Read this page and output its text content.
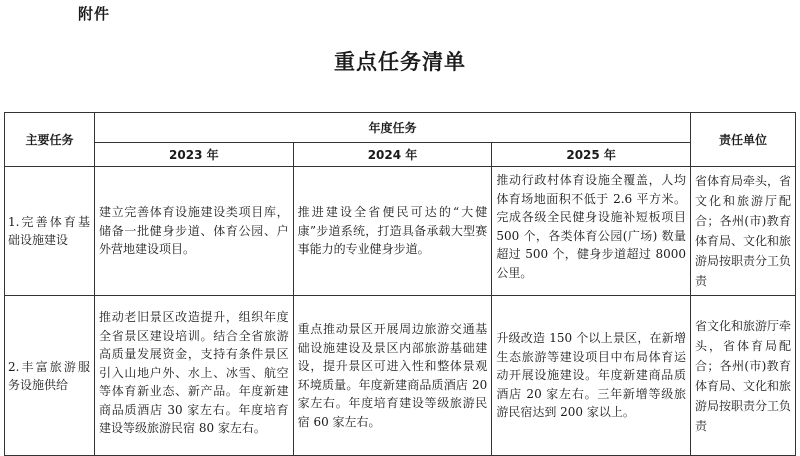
附件
重点任务清单
主要任务	年度任务			责任单位
	2023 年	2024 年	2025 年	
1.完善体育基础设施建设	建立完善体育设施建设类项目库，储备一批健身步道、体育公园、户外营地建设项目。	推进建设全省便民可达的“大健康”步道系统，打造具备承载大型赛事能力的专业健身步道。	推动行政村体育设施全覆盖，人均体育场地面积不低于 2.6 平方米。完成各级全民健身设施补短板项目 500 个，各类体育公园(广场) 数量超过 500 个，健身步道超过 8000 公里。	省体育局牵头，省文化和旅游厅配合；各州(市)教育体育局、文化和旅游局按职责分工负责
2.丰富旅游服务设施供给	推动老旧景区改造提升，组织年度全省景区建设培训。结合全省旅游高质量发展资金，支持有条件景区引入山地户外、水上、冰雪、航空等体育新业态、新产品。年度新建商品质酒店 30 家左右。年度培育建设等级旅游民宿 80 家左右。	重点推动景区开展周边旅游交通基础设施建设及景区内部旅游基础建设，提升景区可进入性和整体景观环境质量。年度新建商品质酒店 20 家左右。年度培育建设等级旅游民宿 60 家左右。	升级改造 150 个以上景区，在新增生态旅游等建设项目中布局体育运动开展设施建设。年度新建商品质酒店 20 家左右。三年新增等级旅游民宿达到 200 家以上。	省文化和旅游厅牵头，省体育局配合；各州(市)教育体育局、文化和旅游局按职责分工负责
